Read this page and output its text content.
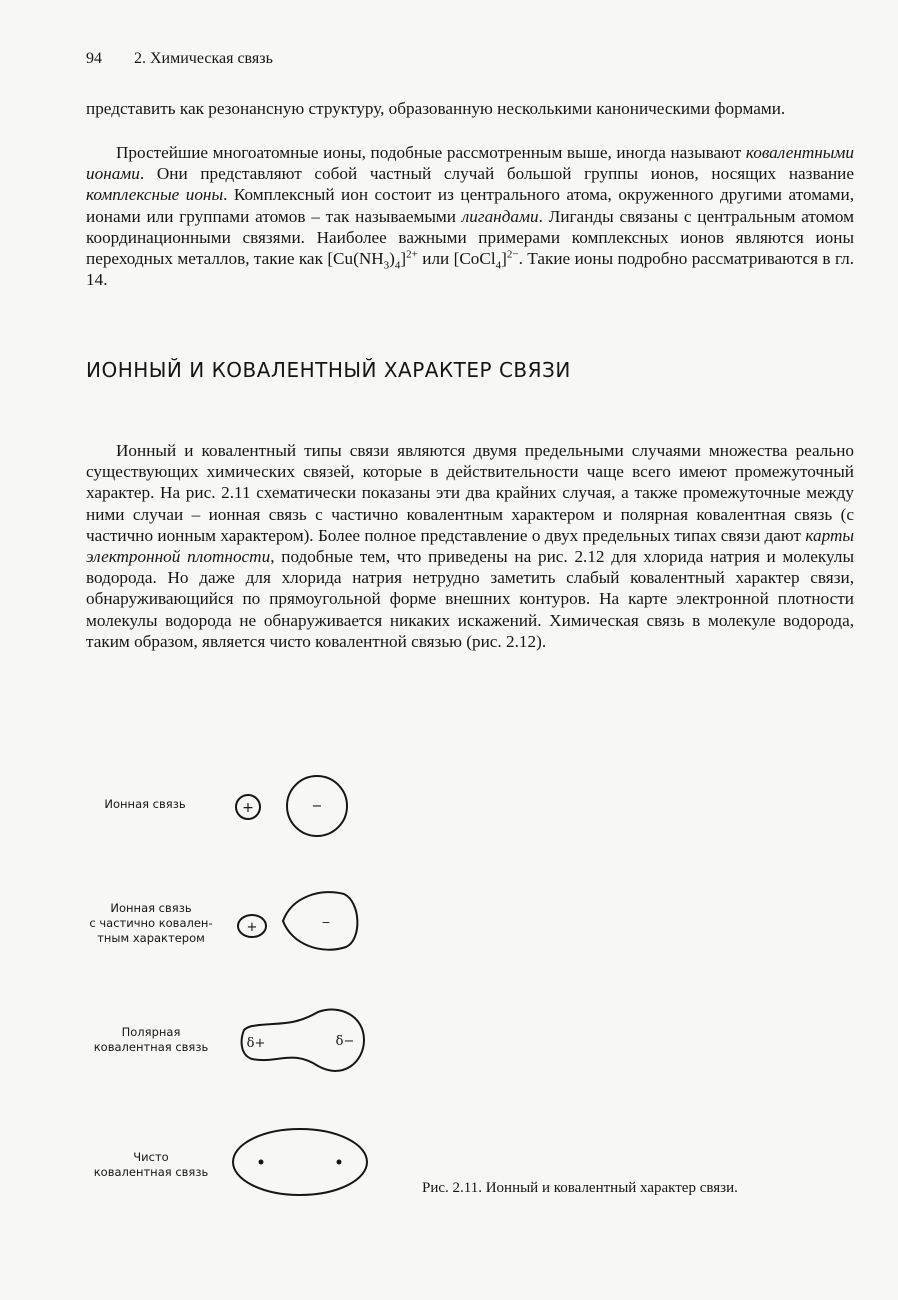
94 2. Химическая связь

представить как резонансную структуру, образованную несколькими каноническими формами.

Простейшие многоатомные ионы, подобные рассмотренным выше, иногда называют ковалентными ионами. Они представляют собой частный случай большой группы ионов, носящих название комплексные ионы. Комплексный ион состоит из центрального атома, окруженного другими атомами, ионами или группами атомов – так называемыми лигандами. Лиганды связаны с центральным атомом координационными связями. Наиболее важными примерами комплексных ионов являются ионы переходных металлов, такие как $[Cu(NH_3)_4]^{2+}$ или [CoCl$_4$]$^{2-}$. Такие ионы подробно рассматриваются в гл. 14.

ИОННЫЙ И КОВАЛЕНТНЫЙ ХАРАКТЕР СВЯЗИ

Ионный и ковалентный типы связи являются двумя предельными случаями множества реально существующих химических связей, которые в действительности чаще всего имеют промежуточный характер. На рис. 2.11 схематически показаны эти два крайних случая, а также промежуточные между ними случаи – ионная связь с частично ковалентным характером и полярная ковалентная связь (с частично ионным характером). Более полное представление о двух предельных типах связи дают карты электронной плотности, подобные тем, что приведены на рис. 2.12 для хлорида натрия и молекулы водорода. Но даже для хлорида натрия нетрудно заметить слабый ковалентный характер связи, обнаруживающийся по прямоугольной форме внешних контуров. На карте электронной плотности молекулы водорода не обнаруживается никаких искажений. Химическая связь в молекуле водорода, таким образом, является чисто ковалентной связью (рис. 2.12).

Ионная связь
Ионная связь
с частично ковален-
тным характером
Полярная
ковалентная связь
Чисто
ковалентная связь
+	−
+	−
δ+	δ−
Рис. 2.11. Ионный и ковалентный характер связи.
